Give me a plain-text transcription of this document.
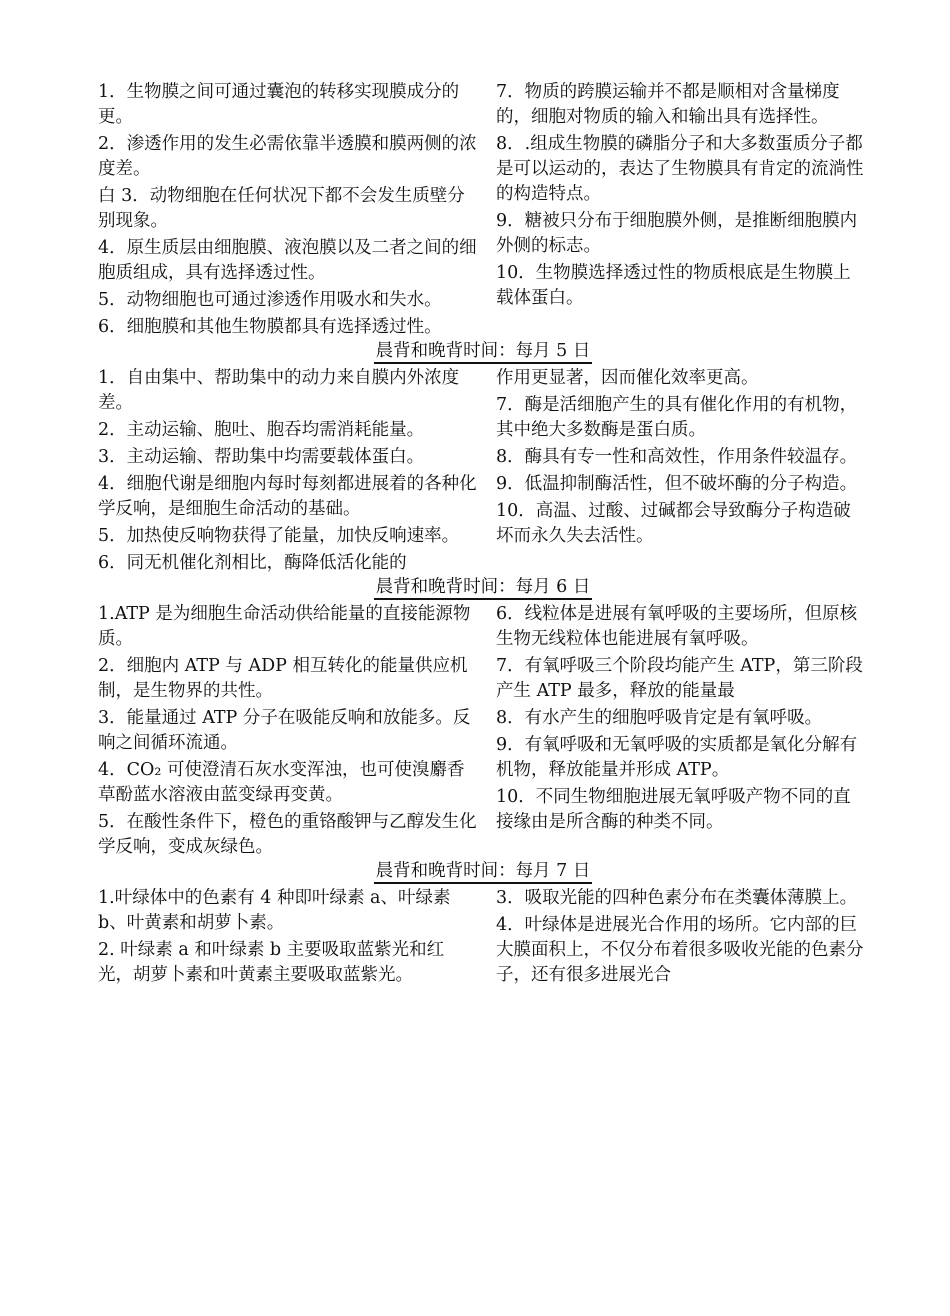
1．生物膜之间可通过囊泡的转移实现膜成分的更。

2．渗透作用的发生必需依靠半透膜和膜两侧的浓度差。

白 3．动物细胞在任何状况下都不会发生质壁分别现象。

4．原生质层由细胞膜、液泡膜以及二者之间的细胞质组成，具有选择透过性。

5．动物细胞也可通过渗透作用吸水和失水。

6．细胞膜和其他生物膜都具有选择透过性。

7．物质的跨膜运输并不都是顺相对含量梯度的，细胞对物质的输入和输出具有选择性。

8．.组成生物膜的磷脂分子和大多数蛋质分子都是可以运动的，表达了生物膜具有肯定的流淌性的构造特点。

9．糖被只分布于细胞膜外侧，是推断细胞膜内外侧的标志。

10．生物膜选择透过性的物质根底是生物膜上载体蛋白。

晨背和晚背时间：每月 5 日

1．自由集中、帮助集中的动力来自膜内外浓度差。

2．主动运输、胞吐、胞吞均需消耗能量。

3．主动运输、帮助集中均需要载体蛋白。

4．细胞代谢是细胞内每时每刻都进展着的各种化学反响，是细胞生命活动的基础。

5．加热使反响物获得了能量，加快反响速率。

6．同无机催化剂相比，酶降低活化能的

作用更显著，因而催化效率更高。

7．酶是活细胞产生的具有催化作用的有机物，其中绝大多数酶是蛋白质。

8．酶具有专一性和高效性，作用条件较温存。

9．低温抑制酶活性，但不破坏酶的分子构造。

10．高温、过酸、过碱都会导致酶分子构造破坏而永久失去活性。

晨背和晚背时间：每月 6 日

1.ATP 是为细胞生命活动供给能量的直接能源物质。

2．细胞内 ATP 与 ADP 相互转化的能量供应机制，是生物界的共性。

3．能量通过 ATP 分子在吸能反响和放能多。反响之间循环流通。

4．CO₂ 可使澄清石灰水变浑浊，也可使溴麝香草酚蓝水溶液由蓝变绿再变黄。

5．在酸性条件下，橙色的重铬酸钾与乙醇发生化学反响，变成灰绿色。

6．线粒体是进展有氧呼吸的主要场所，但原核生物无线粒体也能进展有氧呼吸。

7．有氧呼吸三个阶段均能产生 ATP，第三阶段产生 ATP 最多，释放的能量最

8．有水产生的细胞呼吸肯定是有氧呼吸。

9．有氧呼吸和无氧呼吸的实质都是氧化分解有机物，释放能量并形成 ATP。

10．不同生物细胞进展无氧呼吸产物不同的直接缘由是所含酶的种类不同。

晨背和晚背时间：每月 7 日

1.叶绿体中的色素有 4 种即叶绿素 a、叶绿素 b、叶黄素和胡萝卜素。

2. 叶绿素 a 和叶绿素 b 主要吸取蓝紫光和红光，胡萝卜素和叶黄素主要吸取蓝紫光。

3．吸取光能的四种色素分布在类囊体薄膜上。

4．叶绿体是进展光合作用的场所。它内部的巨大膜面积上，不仅分布着很多吸收光能的色素分子，还有很多进展光合
